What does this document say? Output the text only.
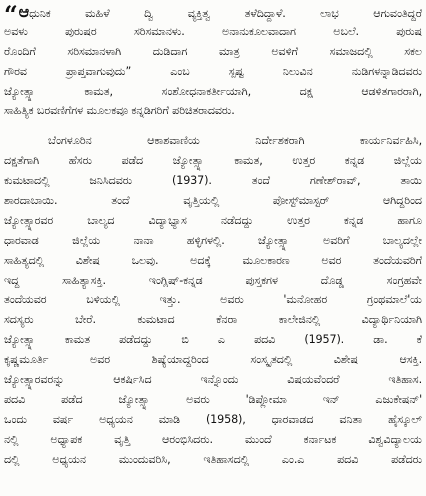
“ಆಧುನಿಕ ಮಹಿಳೆ ದ್ವಿ ವ್ಯಕ್ತಿತ್ವ ತಳೆದಿದ್ದಾಳೆ. ಲಾಭ ಆಗುವಂತಿದ್ದರೆ
ಅವಳು ಪುರುಷರ ಸರಿಸಮಾನಳು. ಅನಾನುಕೂಲವಾದಾಗ ಅಬಲೆ. ಪುರುಷ
ರೊಂದಿಗೆ ಸರಿಸಮಾನಳಾಗಿ ದುಡಿದಾಗ ಮಾತ್ರ ಅವಳಿಗೆ ಸಮಾಜದಲ್ಲಿ ಸಕಲ
ಗೌರವ ಪ್ರಾಪ್ತವಾಗುವುದು” ಎಂಬ ಸ್ಪಷ್ಟ ನಿಲುವಿನ ನುಡಿಗಳನ್ನಾಡಿದವರು
ಜ್ಯೋತ್ಸ್ನಾ ಕಾಮತ, ಸಂಶೋಧನಾಕರ್ತೀಯಾಗಿ, ದಕ್ಷ ಆಡಳಿತಗಾರರಾಗಿ,
ಸಾಹಿತ್ಯಿಕ ಬರವಣಿಗೆಗಳ ಮೂಲಕವೂ ಕನ್ನಡಿಗರಿಗೆ ಪರಿಚಿತರಾದವರು.
ಬೆಂಗಳೂರಿನ ಆಕಾಶವಾಣಿಯ ನಿರ್ದೇಶಕರಾಗಿ ಕಾರ್ಯನಿರ್ವಹಿಸಿ,
ದಕ್ಷತೆಗಾಗಿ ಹೆಸರು ಪಡೆದ ಜ್ಯೋತ್ಸ್ನಾ ಕಾಮತ, ಉತ್ತರ ಕನ್ನಡ ಜಿಲ್ಲೆಯ
ಕುಮಟಾದಲ್ಲಿ ಜನಿಸಿದವರು (1937). ತಂದೆ ಗಣೇಶ್‌ರಾವ್, ತಾಯಿ
ಶಾರದಾಬಾಯಿ. ತಂದೆ ವೃತ್ತಿಯಲ್ಲಿ ಪೋಸ್ಟ್‌ಮಾಸ್ಟರ್ ಆಗಿದ್ದರಿಂದ
ಜ್ಯೋತ್ಸ್ನಾರವರ ಬಾಲ್ಯದ ವಿದ್ಯಾಭ್ಯಾಸ ನಡೆದದ್ದು ಉತ್ತರ ಕನ್ನಡ ಹಾಗೂ
ಧಾರವಾಡ ಜಿಲ್ಲೆಯ ನಾನಾ ಹಳ್ಳಿಗಳಲ್ಲಿ. ಜ್ಯೋತ್ಸ್ನಾ ಅವರಿಗೆ ಬಾಲ್ಯದಲ್ಲೇ
ಸಾಹಿತ್ಯದಲ್ಲಿ ವಿಶೇಷ ಒಲವು. ಅದಕ್ಕೆ ಮೂಲಕಾರಣ ಅವರ ತಂದೆಯವರಿಗೆ
ಇದ್ದ ಸಾಹಿತ್ಯಾಸಕ್ತಿ. ಇಂಗ್ಲಿಷ್-ಕನ್ನಡ ಪುಸ್ತಕಗಳ ದೊಡ್ಡ ಸಂಗ್ರಹವೇ
ತಂದೆಯವರ ಬಳಿಯಲ್ಲಿ ಇತ್ತು. ಅವರು 'ಮನೋಹರ ಗ್ರಂಥಮಾಲೆ'ಯ
ಸದಸ್ಯರು ಬೇರೆ. ಕುಮಟಾದ ಕೆನರಾ ಕಾಲೇಜಿನಲ್ಲಿ ವಿದ್ಯಾರ್ಥಿನಿಯಾಗಿ
ಜ್ಯೋತ್ಸ್ನಾ ಕಾಮತ ಪಡೆದದ್ದು ಬಿ ಎ ಪದವಿ (1957). ಡಾ. ಕೆ
ಕೃಷ್ಣಮೂರ್ತಿ ಅವರ ಶಿಷ್ಯೆಯಾದ್ದರಿಂದ ಸಂಸ್ಕೃತದಲ್ಲಿ ವಿಶೇಷ ಆಸಕ್ತಿ.
ಜ್ಯೋತ್ಸ್ನಾರವರನ್ನು ಆಕರ್ಷಿಸಿದ ಇನ್ನೊಂದು ವಿಷಯವೆಂದರೆ ಇತಿಹಾಸ.
ಪದವಿ ಪಡೆದ ಜ್ಯೋತ್ಸ್ನಾ ಅವರು 'ಡಿಪ್ಲೋಮಾ ಇನ್ ಎಜುಕೇಷನ್'
ಒಂದು ವರ್ಷ ಅಧ್ಯಯನ ಮಾಡಿ (1958), ಧಾರವಾಡದ ವನಿತಾ ಹೈಸ್ಕೂಲ್
ನಲ್ಲಿ ಅಧ್ಯಾಪಕ ವೃತ್ತಿ ಆರಂಭಿಸಿದರು. ಮುಂದೆ ಕರ್ನಾಟಕ ವಿಶ್ವವಿದ್ಯಾಲಯ
ದಲ್ಲಿ ಅಧ್ಯಯನ ಮುಂದುವರಿಸಿ, ಇತಿಹಾಸದಲ್ಲಿ ಎಂ.ಎ ಪದವಿ ಪಡೆದರು
